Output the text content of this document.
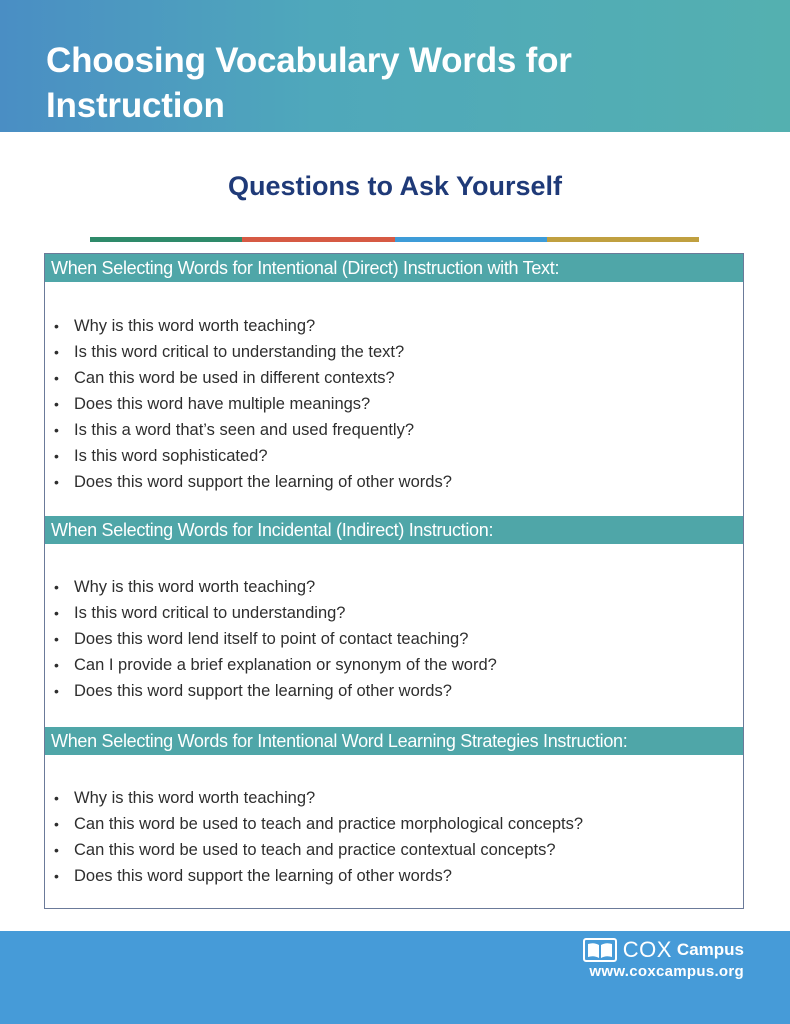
Choosing Vocabulary Words for Instruction
Questions to Ask Yourself
When Selecting Words for Intentional (Direct) Instruction with Text:
• Why is this word worth teaching?
• Is this word critical to understanding the text?
• Can this word be used in different contexts?
• Does this word have multiple meanings?
• Is this a word that’s seen and used frequently?
• Is this word sophisticated?
• Does this word support the learning of other words?
When Selecting Words for Incidental (Indirect) Instruction:
• Why is this word worth teaching?
• Is this word critical to understanding?
• Does this word lend itself to point of contact teaching?
• Can I provide a brief explanation or synonym of the word?
• Does this word support the learning of other words?
When Selecting Words for Intentional Word Learning Strategies Instruction:
• Why is this word worth teaching?
• Can this word be used to teach and practice morphological concepts?
• Can this word be used to teach and practice contextual concepts?
• Does this word support the learning of other words?
COX Campus
www.coxcampus.org
